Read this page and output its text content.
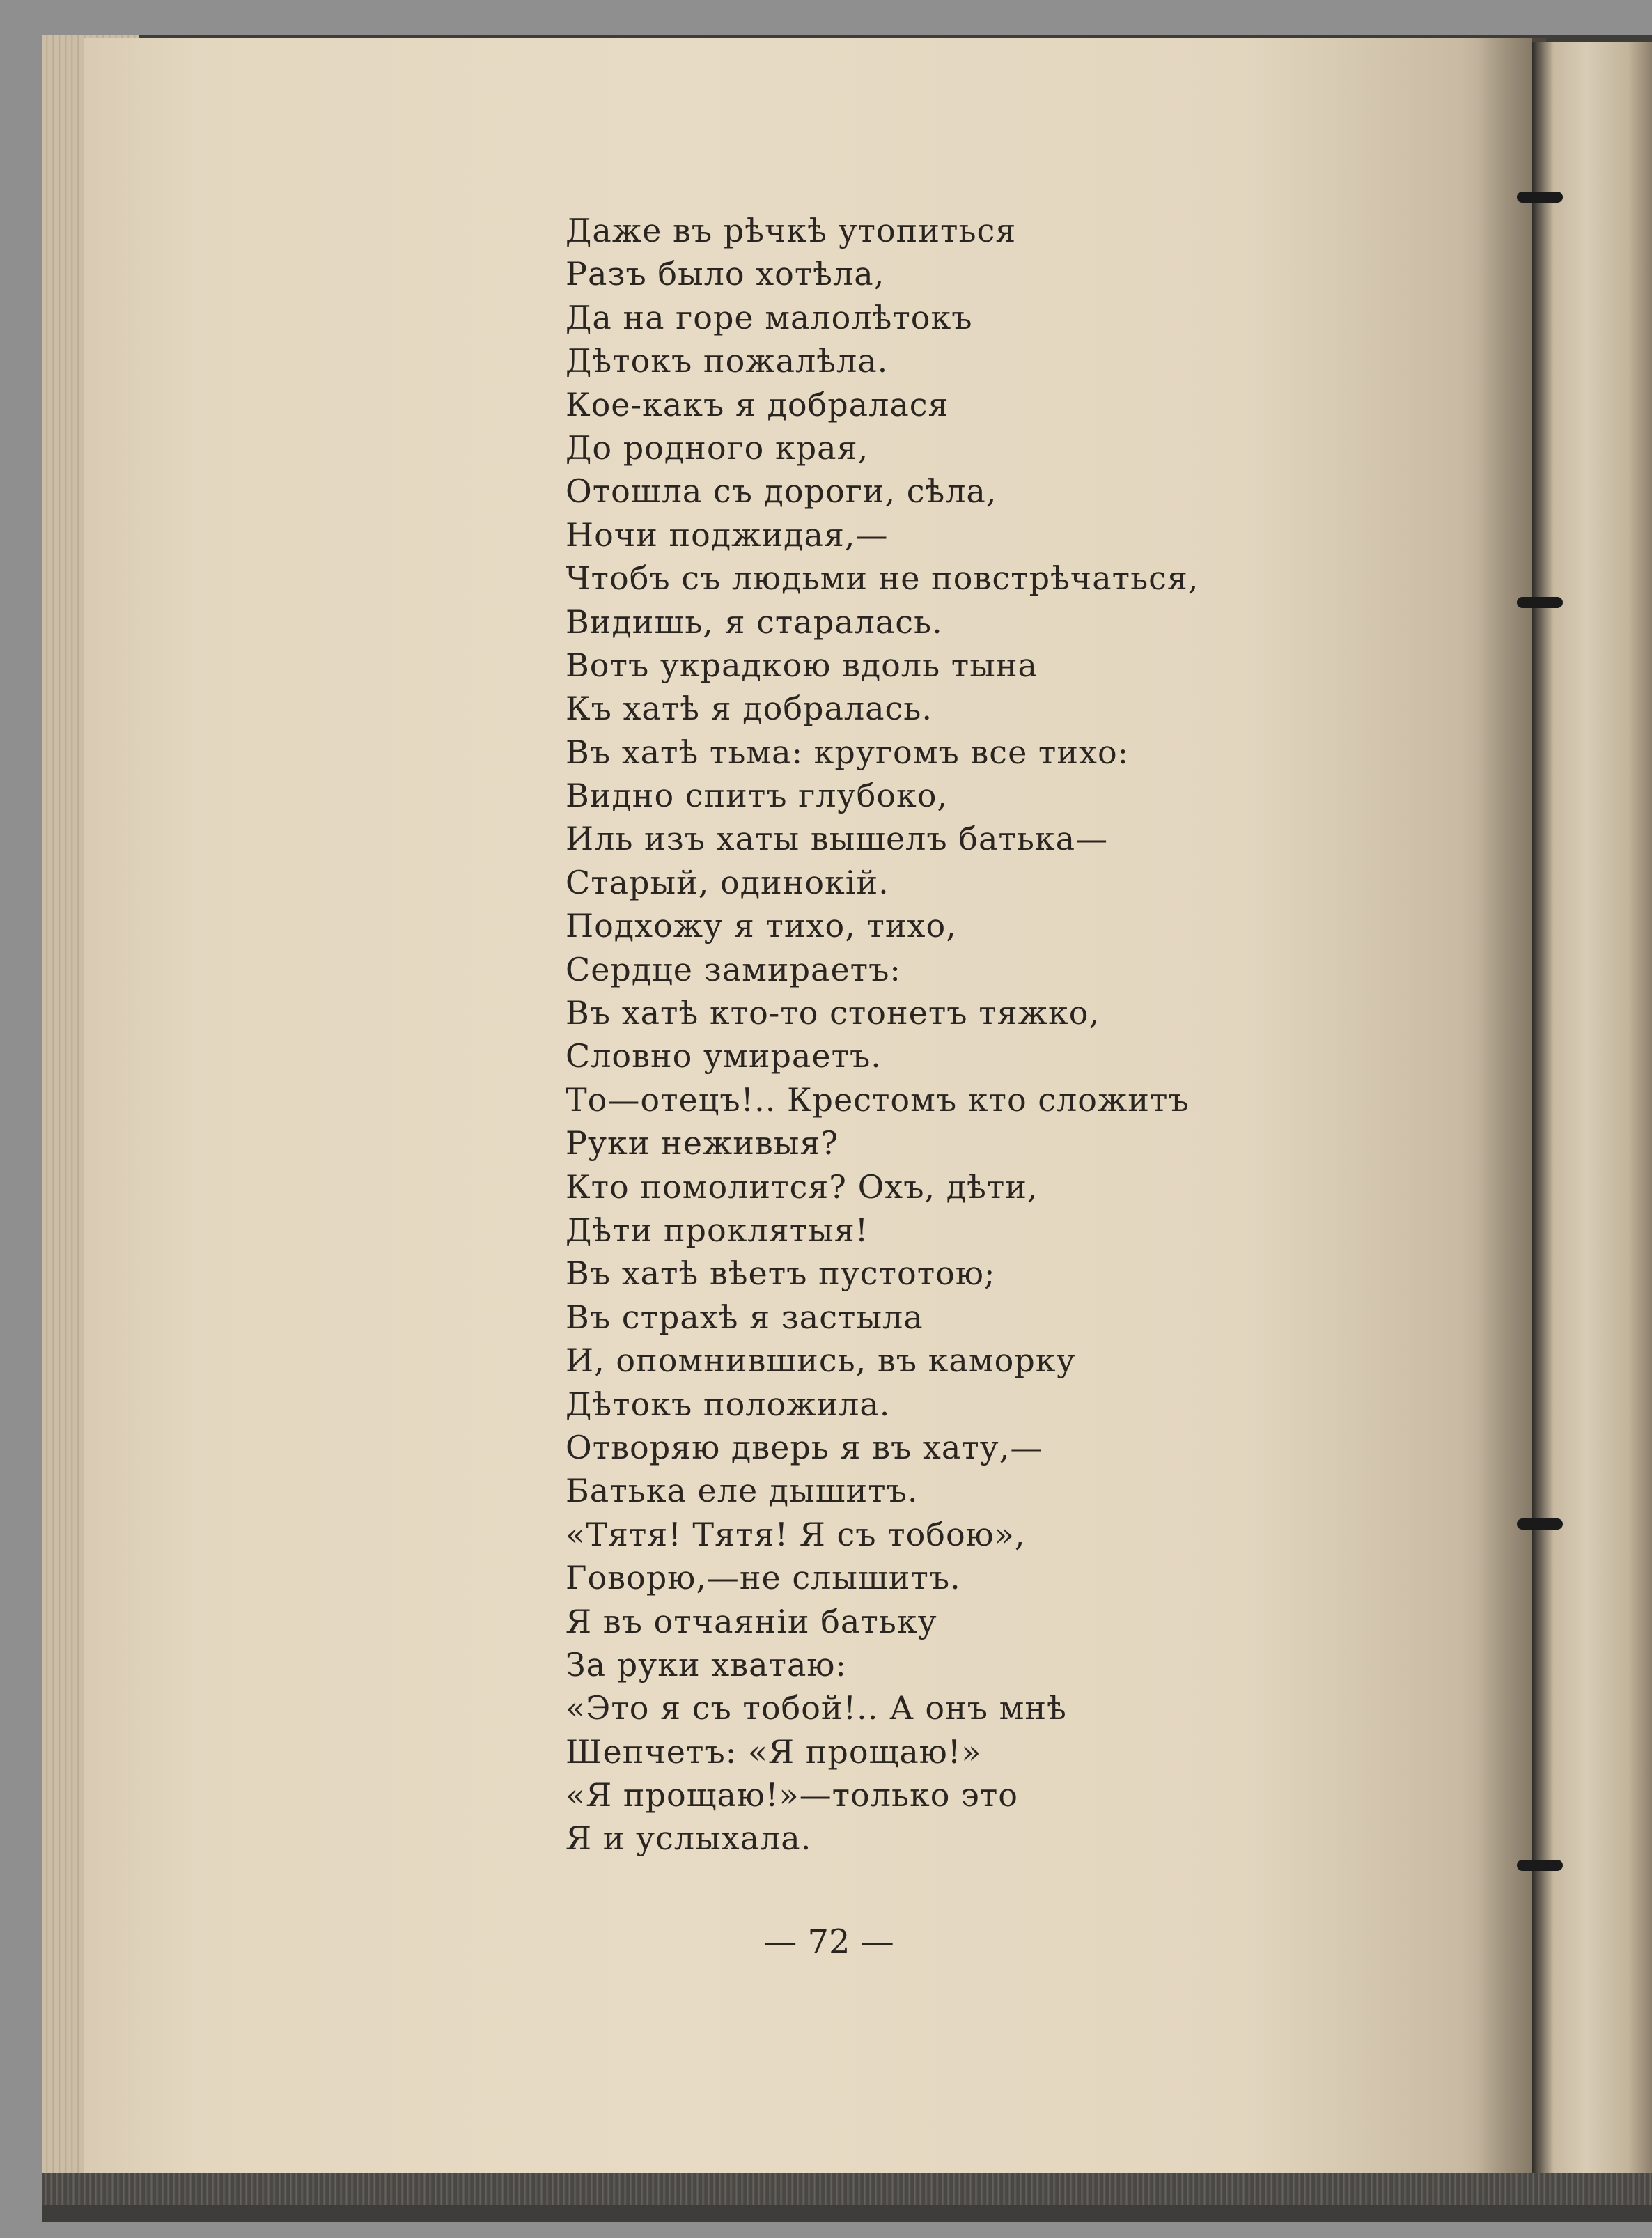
Даже въ рѣчкѣ утопиться
Разъ было хотѣла,
Да на горе малолѣтокъ
Дѣтокъ пожалѣла.
Кое-какъ я добралася
До родного края,
Отошла съ дороги, сѣла,
Ночи поджидая,—
Чтобъ съ людьми не повстрѣчаться,
Видишь, я старалась.
Вотъ украдкою вдоль тына
Къ хатѣ я добралась.
Въ хатѣ тьма: кругомъ все тихо:
Видно спитъ глубоко,
Иль изъ хаты вышелъ батька—
Старый, одинокiй.
Подхожу я тихо, тихо,
Сердце замираетъ:
Въ хатѣ кто-то стонетъ тяжко,
Словно умираетъ.
То—отецъ!.. Крестомъ кто сложитъ
Руки неживыя?
Кто помолится? Охъ, дѣти,
Дѣти проклятыя!
Въ хатѣ вѣетъ пустотою;
Въ страхѣ я застыла
И, опомнившись, въ каморку
Дѣтокъ положила.
Отворяю дверь я въ хату,—
Батька еле дышитъ.
«Тятя! Тятя! Я съ тобою»,
Говорю,—не слышитъ.
Я въ отчаянiи батьку
За руки хватаю:
«Это я съ тобой!.. А онъ мнѣ
Шепчетъ: «Я прощаю!»
«Я прощаю!»—только это
Я и услыхала.
— 72 —
